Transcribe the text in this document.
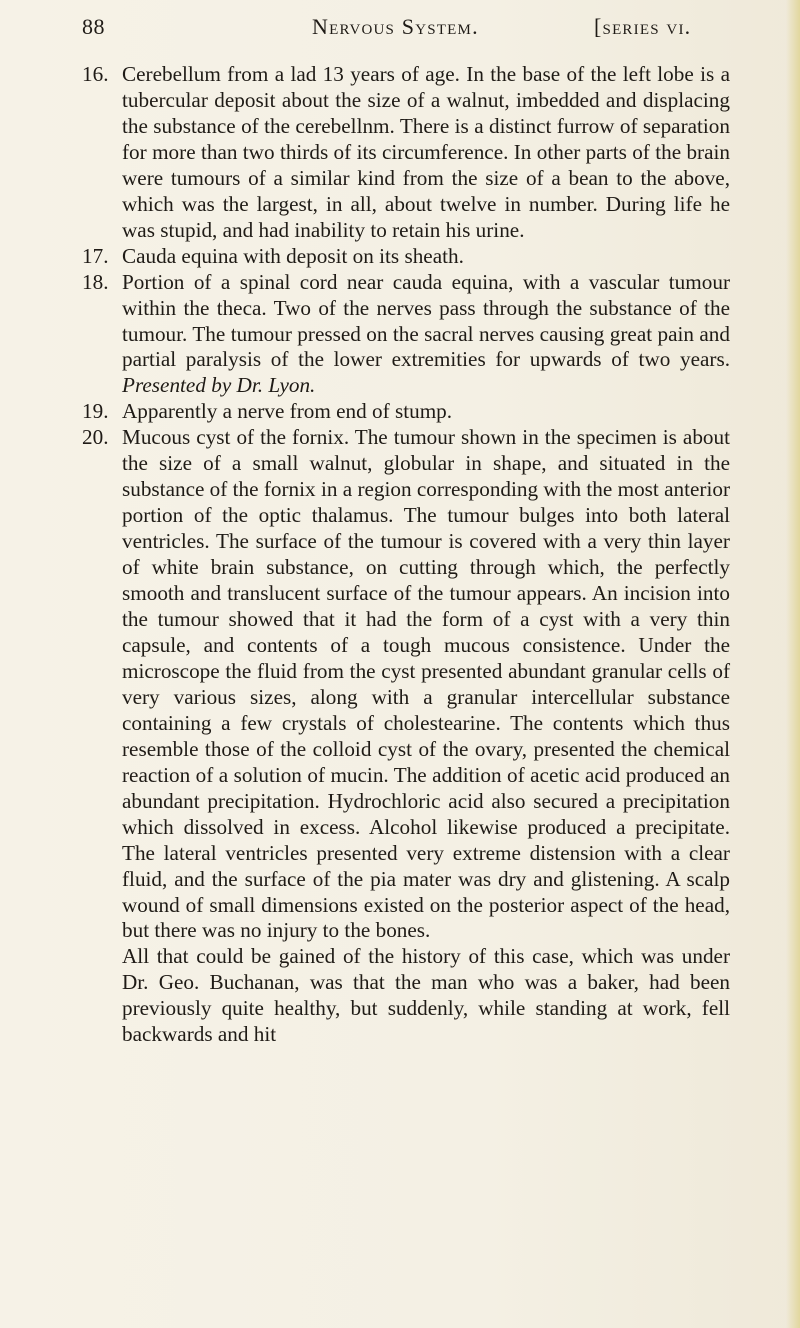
88	Nervous System.	[series vi.
16. Cerebellum from a lad 13 years of age. In the base of the left lobe is a tubercular deposit about the size of a walnut, imbedded and displacing the substance of the cerebellnm. There is a distinct furrow of separation for more than two thirds of its circumference. In other parts of the brain were tumours of a similar kind from the size of a bean to the above, which was the largest, in all, about twelve in number. During life he was stupid, and had inability to retain his urine.
17. Cauda equina with deposit on its sheath.
18. Portion of a spinal cord near cauda equina, with a vascular tumour within the theca. Two of the nerves pass through the substance of the tumour. The tumour pressed on the sacral nerves causing great pain and partial paralysis of the lower extremities for upwards of two years. Presented by Dr. Lyon.
19. Apparently a nerve from end of stump.
20. Mucous cyst of the fornix. The tumour shown in the specimen is about the size of a small walnut, globular in shape, and situated in the substance of the fornix in a region corresponding with the most anterior portion of the optic thalamus. The tumour bulges into both lateral ventricles. The surface of the tumour is covered with a very thin layer of white brain substance, on cutting through which, the perfectly smooth and translucent surface of the tumour appears. An incision into the tumour showed that it had the form of a cyst with a very thin capsule, and contents of a tough mucous consistence. Under the microscope the fluid from the cyst presented abundant granular cells of very various sizes, along with a granular intercellular substance containing a few crystals of cholestearine. The contents which thus resemble those of the colloid cyst of the ovary, presented the chemical reaction of a solution of mucin. The addition of acetic acid produced an abundant precipitation. Hydrochloric acid also secured a precipitation which dissolved in excess. Alcohol likewise produced a precipitate. The lateral ventricles presented very extreme distension with a clear fluid, and the surface of the pia mater was dry and glistening. A scalp wound of small dimensions existed on the posterior aspect of the head, but there was no injury to the bones.
All that could be gained of the history of this case, which was under Dr. Geo. Buchanan, was that the man who was a baker, had been previously quite healthy, but suddenly, while standing at work, fell backwards and hit
